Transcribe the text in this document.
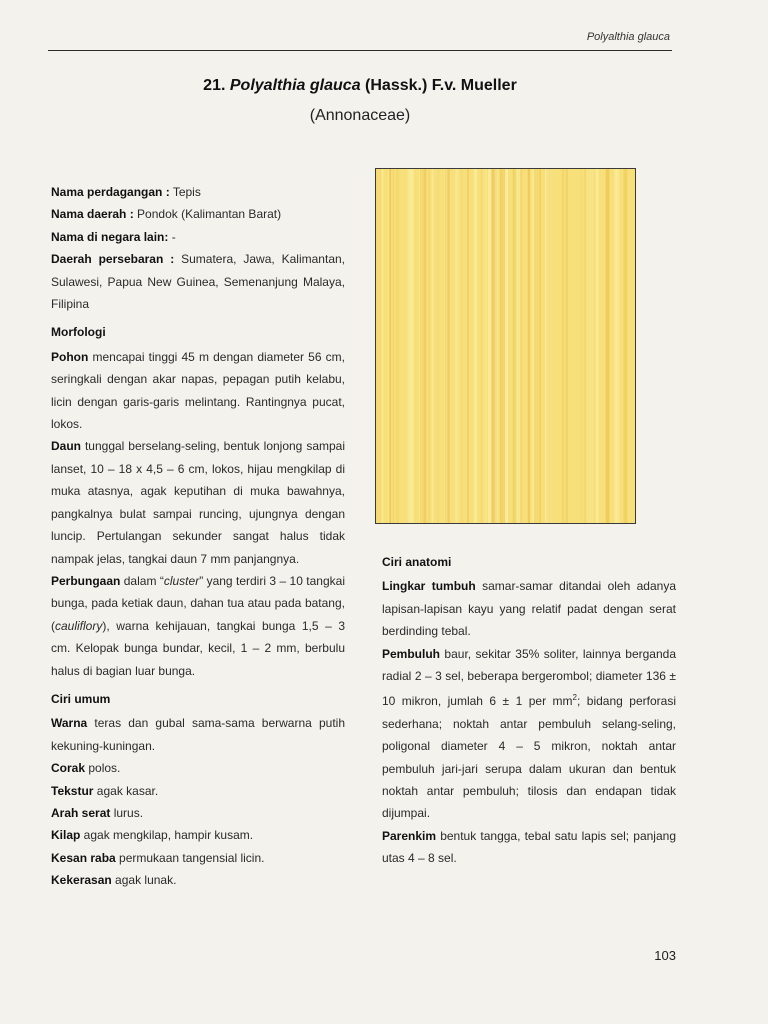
Polyalthia glauca
21. Polyalthia glauca (Hassk.) F.v. Mueller
(Annonaceae)

Nama perdagangan : Tepis

Nama daerah : Pondok (Kalimantan Barat)

Nama di negara lain: -

Daerah persebaran : Sumatera, Jawa, Kalimantan, Sulawesi, Papua New Guinea, Semenanjung Malaya, Filipina

Morfologi

Pohon mencapai tinggi 45 m dengan diameter 56 cm, seringkali dengan akar napas, pepagan putih kelabu, licin dengan garis-garis melintang. Rantingnya pucat, lokos.

Daun tunggal berselang-seling, bentuk lonjong sampai lanset, 10 – 18 x 4,5 – 6 cm, lokos, hijau mengkilap di muka atasnya, agak keputihan di muka bawahnya, pangkalnya bulat sampai runcing, ujungnya dengan luncip. Pertulangan sekunder sangat halus tidak nampak jelas, tangkai daun 7 mm panjangnya.

Perbungaan dalam “cluster” yang terdiri 3 – 10 tangkai bunga, pada ketiak daun, dahan tua atau pada batang, (cauliflory), warna kehijauan, tangkai bunga 1,5 – 3 cm. Kelopak bunga bundar, kecil, 1 – 2 mm, berbulu halus di bagian luar bunga.

Ciri umum

Warna teras dan gubal sama-sama berwarna putih kekuning-kuningan.

Corak polos.

Tekstur agak kasar.

Arah serat lurus.

Kilap agak mengkilap, hampir kusam.

Kesan raba permukaan tangensial licin.

Kekerasan agak lunak.

Ciri anatomi

Lingkar tumbuh samar-samar ditandai oleh adanya lapisan-lapisan kayu yang relatif padat dengan serat berdinding tebal.

Pembuluh baur, sekitar 35% soliter, lainnya berganda radial 2 – 3 sel, beberapa bergerombol; diameter 136 ± 10 mikron, jumlah 6 ± 1 per $mm^2$; bidang perforasi sederhana; noktah antar pembuluh selang-seling, poligonal diameter 4 – 5 mikron, noktah antar pembuluh jari-jari serupa dalam ukuran dan bentuk noktah antar pembuluh; tilosis dan endapan tidak dijumpai.

Parenkim bentuk tangga, tebal satu lapis sel; panjang utas 4 – 8 sel.

103
